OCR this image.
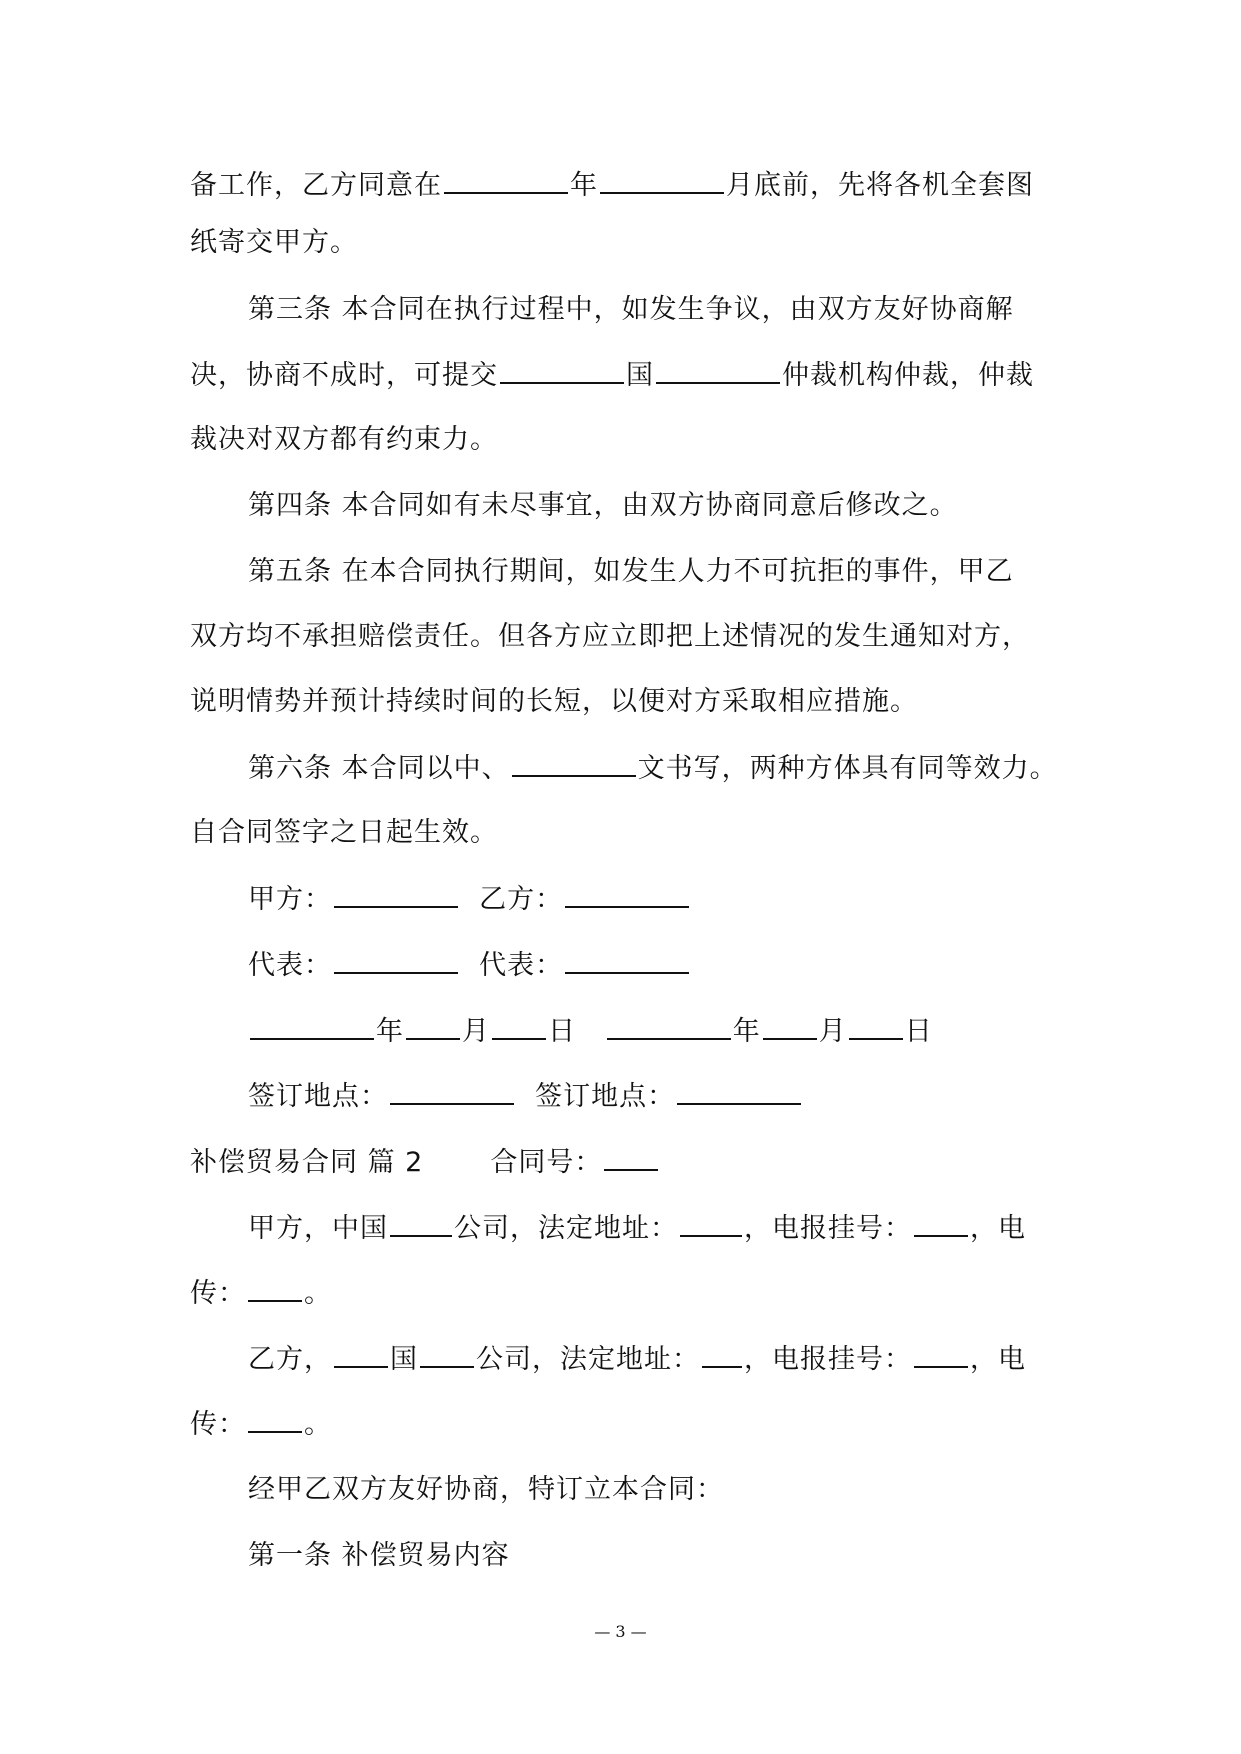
备工作，乙方同意在	年	月底前，先将各机全套图
纸寄交甲方。
第三条 本合同在执行过程中，如发生争议，由双方友好协商解
决，协商不成时，可提交	国	仲裁机构仲裁，仲裁
裁决对双方都有约束力。
第四条 本合同如有未尽事宜，由双方协商同意后修改之。
第五条 在本合同执行期间，如发生人力不可抗拒的事件，甲乙
双方均不承担赔偿责任。但各方应立即把上述情况的发生通知对方，
说明情势并预计持续时间的长短，以便对方采取相应措施。
第六条 本合同以中、	文书写，两种方体具有同等效力。
自合同签字之日起生效。
甲方：	乙方：
代表：	代表：
年 月 日	年 月 日
签订地点：	签订地点：
补偿贸易合同 篇 2 合同号：
甲方，中国 公司，法定地址： ，电报挂号： ，电
传： 。
乙方， 国 公司，法定地址： ，电报挂号： ，电
传： 。
经甲乙双方友好协商，特订立本合同：
第一条 补偿贸易内容
— 3 —
